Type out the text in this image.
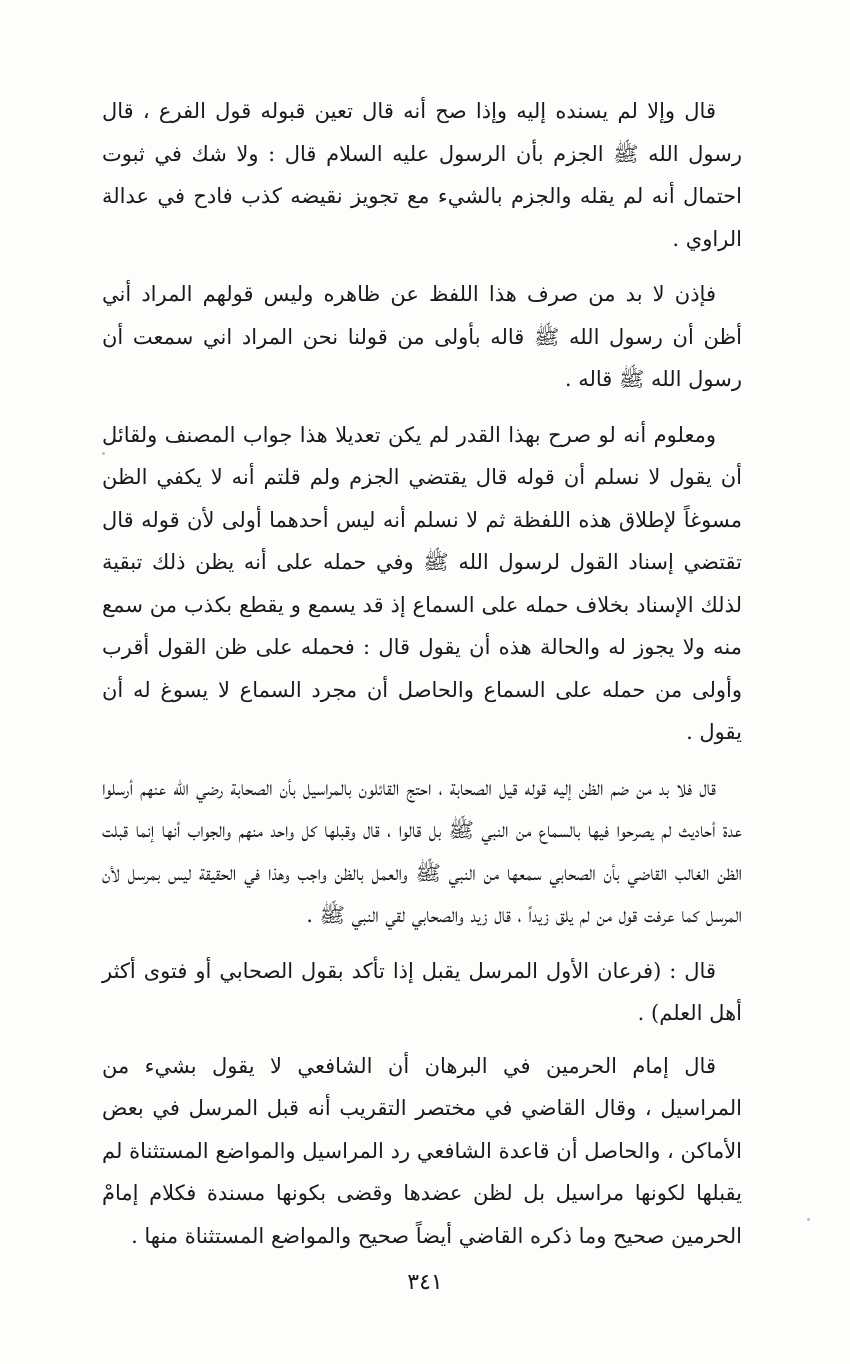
قال وإلا لم يسنده إليه وإذا صح أنه قال تعين قبوله قول الفرع ، قال رسول الله ﷺ الجزم بأن الرسول عليه السلام قال : ولا شك في ثبوت احتمال أنه لم يقله والجزم بالشيء مع تجويز نقيضه كذب فادح في عدالة الراوي .

فإذن لا بد من صرف هذا اللفظ عن ظاهره وليس قولهم المراد أني أظن أن رسول الله ﷺ قاله بأولى من قولنا نحن المراد اني سمعت أن رسول الله ﷺ قاله .

ومعلوم أنه لو صرح بهذا القدر لم يكن تعديلا هذا جواب المصنف ولقائل أن يقول لا نسلم أن قوله قال يقتضي الجزم ولم قلتم أنه لا يكفي الظن مسوغاً لإطلاق هذه اللفظة ثم لا نسلم أنه ليس أحدهما أولى لأن قوله قال تقتضي إسناد القول لرسول الله ﷺ وفي حمله على أنه يظن ذلك تبقية لذلك الإسناد بخلاف حمله على السماع إذ قد يسمع و يقطع بكذب من سمع منه ولا يجوز له والحالة هذه أن يقول قال : فحمله على ظن القول أقرب وأولى من حمله على السماع والحاصل أن مجرد السماع لا يسوغ له أن يقول .

قال فلا بد من ضم الظن إليه قوله قيل الصحابة ، احتج القائلون بالمراسيل بأن الصحابة رضي الله عنهم أرسلوا عدة أحاديث لم يصرحوا فيها بالسماع من النبي ﷺ بل قالوا ، قال وقبلها كل واحد منهم والجواب أنها إنما قبلت الظن الغالب القاضي بأن الصحابي سمعها من النبي ﷺ والعمل بالظن واجب وهذا في الحقيقة ليس بمرسل لأن المرسل كما عرفت قول من لم يلق زيداً ، قال زيد والصحابي لقي النبي ﷺ .

قال : (فرعان الأول المرسل يقبل إذا تأكد بقول الصحابي أو فتوى أكثر أهل العلم) .

قال إمام الحرمين في البرهان أن الشافعي لا يقول بشيء من المراسيل ، وقال القاضي في مختصر التقريب أنه قبل المرسل في بعض الأماكن ، والحاصل أن قاعدة الشافعي رد المراسيل والمواضع المستثناة لم يقبلها لكونها مراسيل بل لظن عضدها وقضى بكونها مسندة فكلام إمامْ الحرمين صحيح وما ذكره القاضي أيضاً صحيح والمواضع المستثناة منها .

٣٤١
